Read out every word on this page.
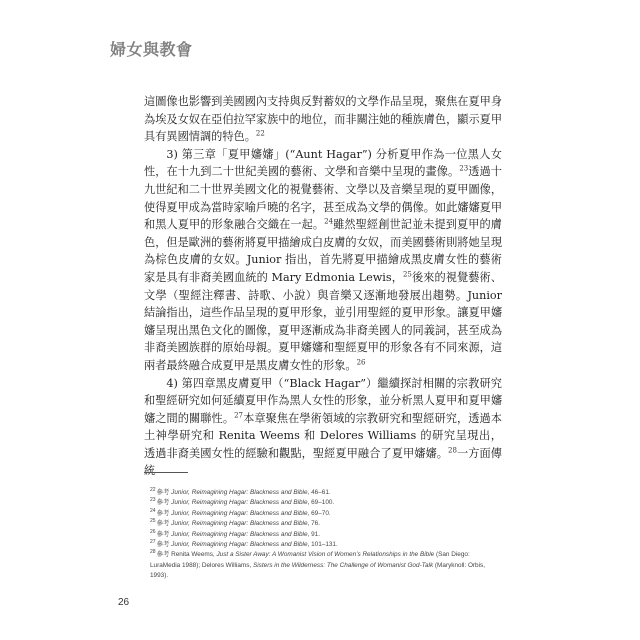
婦女與教會

這圖像也影響到美國國內支持與反對蓄奴的文學作品呈現，聚焦在夏甲身為埃及女奴在亞伯拉罕家族中的地位，而非關注她的種族膚色，顯示夏甲具有異國情調的特色。$^{22}$

3) 第三章「夏甲嬸嬸」(“Aunt Hagar”) 分析夏甲作為一位黑人女性，在十九到二十世紀美國的藝術、文學和音樂中呈現的畫像。$^{23}$透過十九世紀和二十世界美國文化的視覺藝術、文學以及音樂呈現的夏甲圖像，使得夏甲成為當時家喻戶曉的名字，甚至成為文學的偶像。如此嬸嬸夏甲和黑人夏甲的形象融合交織在一起。$^{24}$雖然聖經創世記並未提到夏甲的膚色，但是歐洲的藝術將夏甲描繪成白皮膚的女奴，而美國藝術則將她呈現為棕色皮膚的女奴。Junior 指出，首先將夏甲描繪成黑皮膚女性的藝術家是具有非裔美國血統的 Mary Edmonia Lewis，$^{25}$後來的視覺藝術、文學（聖經注釋書、詩歌、小說）與音樂又逐漸地發展出趨勢。Junior 結論指出，這些作品呈現的夏甲形象，並引用聖經的夏甲形象。讓夏甲嬸嬸呈現出黑色文化的圖像，夏甲逐漸成為非裔美國人的同義詞，甚至成為非裔美國族群的原始母親。夏甲嬸嬸和聖經夏甲的形象各有不同來源，這兩者最終融合成夏甲是黑皮膚女性的形象。$^{26}$

4) 第四章黑皮膚夏甲（“Black Hagar”）繼續探討相關的宗教研究和聖經研究如何延續夏甲作為黑人女性的形象，並分析黑人夏甲和夏甲嬸嬸之間的關聯性。$^{27}$本章聚焦在學術領域的宗教研究和聖經研究，透過本土神學研究和 Renita Weems 和 Delores Williams 的研究呈現出，透過非裔美國女性的經驗和觀點，聖經夏甲融合了夏甲嬸嬸。$^{28}$一方面傳統

$^{22}$參考 Junior, Reimagining Hagar: Blackness and Bible, 46–61.

$^{23}$參考 Junior, Reimagining Hagar: Blackness and Bible, 69–100.

$^{24}$參考 Junior, Reimagining Hagar: Blackness and Bible, 69–70.

$^{25}$參考 Junior, Reimagining Hagar: Blackness and Bible, 76.

$^{26}$參考 Junior, Reimagining Hagar: Blackness and Bible, 91.

$^{27}$參考 Junior, Reimagining Hagar: Blackness and Bible, 101–131.

$^{28}$參考 Renita Weems, Just a Sister Away: A Womanist Vision of Women’s Relationships in the Bible (San Diego: LuraMedia 1988); Delores Williams, Sisters in the Wilderness: The Challenge of Womanist God-Talk (Maryknoll: Orbis, 1993).

26
